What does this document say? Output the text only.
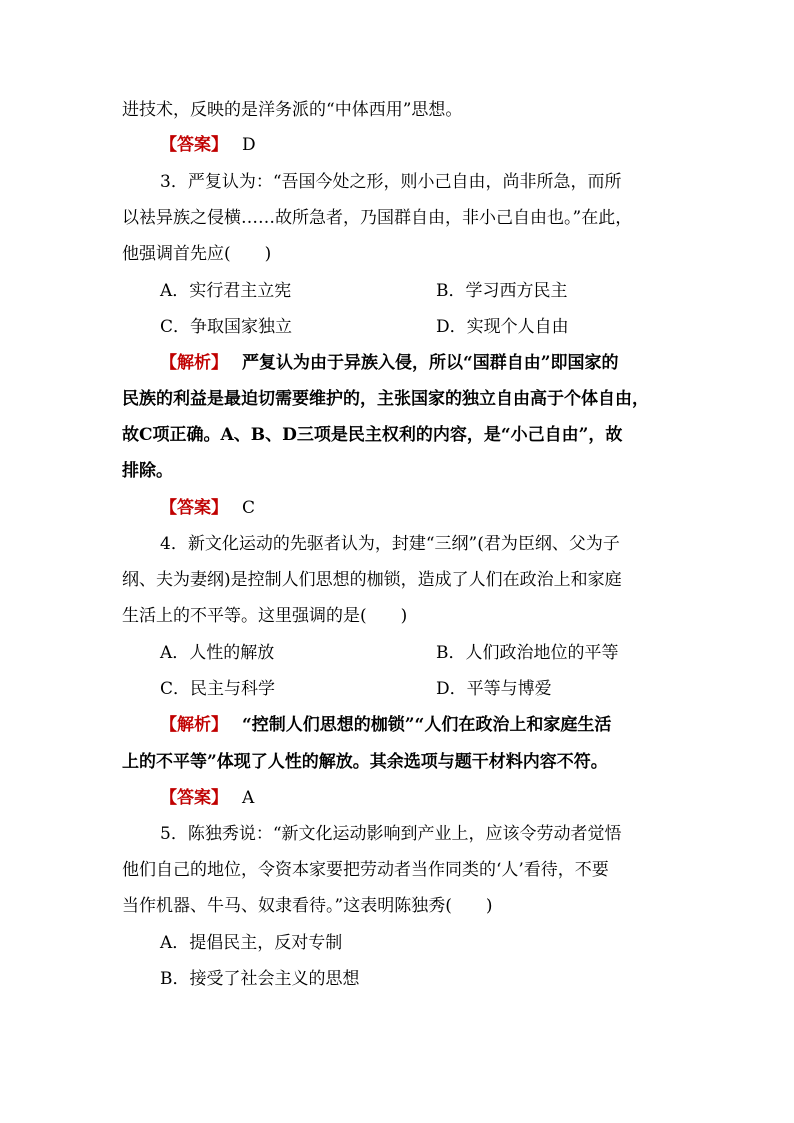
进技术，反映的是洋务派的“中体西用”思想。
【答案】 D
3．严复认为：“吾国今处之形，则小己自由，尚非所急，而所
以袪异族之侵横……故所急者，乃国群自由，非小己自由也。”在此，
他强调首先应(　　)
A．实行君主立宪	B．学习西方民主
C．争取国家独立	D．实现个人自由
【解析】 严复认为由于异族入侵，所以“国群自由”即国家的
民族的利益是最迫切需要维护的，主张国家的独立自由高于个体自由，
故C项正确。A、B、D三项是民主权利的内容，是“小己自由”，故
排除。
【答案】 C
4．新文化运动的先驱者认为，封建“三纲”(君为臣纲、父为子
纲、夫为妻纲)是控制人们思想的枷锁，造成了人们在政治上和家庭
生活上的不平等。这里强调的是(　　)
A．人性的解放	B．人们政治地位的平等
C．民主与科学	D．平等与博爱
【解析】 “控制人们思想的枷锁”“人们在政治上和家庭生活
上的不平等”体现了人性的解放。其余选项与题干材料内容不符。
【答案】 A
5．陈独秀说：“新文化运动影响到产业上，应该令劳动者觉悟
他们自己的地位，令资本家要把劳动者当作同类的‘人’看待，不要
当作机器、牛马、奴隶看待。”这表明陈独秀(　　)
A．提倡民主，反对专制
B．接受了社会主义的思想
